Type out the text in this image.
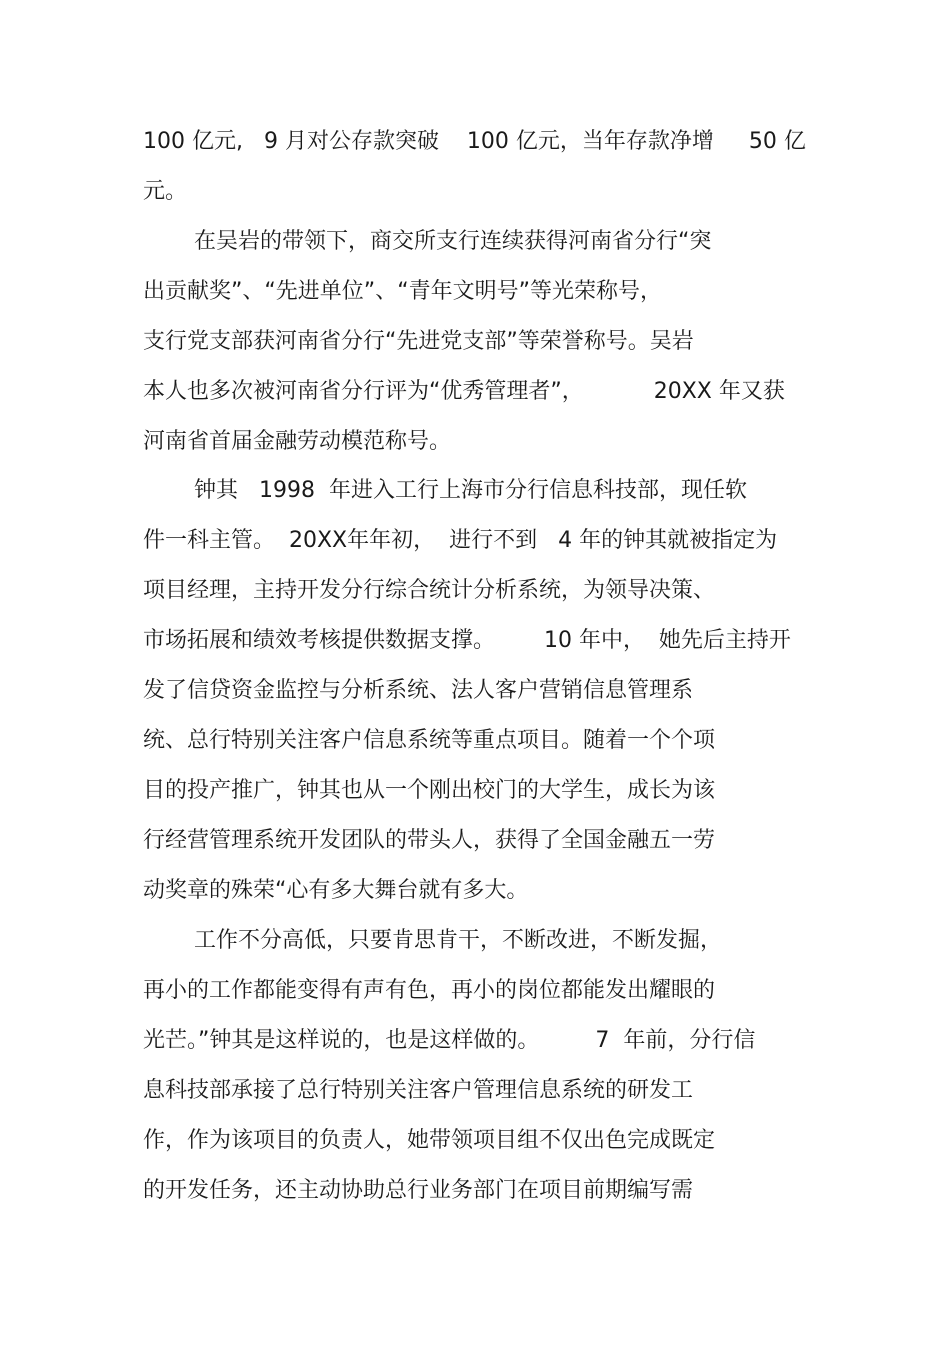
100 亿元,   9 月对公存款突破    100 亿元，当年存款净增     50 亿
元。
在吴岩的带领下，商交所支行连续获得河南省分行“突
出贡献奖”、“先进单位”、“青年文明号”等光荣称号，
支行党支部获河南省分行“先进党支部”等荣誉称号。吴岩
本人也多次被河南省分行评为“优秀管理者”，          20XX 年又获
河南省首届金融劳动模范称号。
钟其   1998  年进入工行上海市分行信息科技部，现任软
件一科主管。  20XX年年初，  进行不到   4 年的钟其就被指定为
项目经理，主持开发分行综合统计分析系统，为领导决策、
市场拓展和绩效考核提供数据支撑。       10 年中，  她先后主持开
发了信贷资金监控与分析系统、法人客户营销信息管理系
统、总行特别关注客户信息系统等重点项目。随着一个个项
目的投产推广，钟其也从一个刚出校门的大学生，成长为该
行经营管理系统开发团队的带头人，获得了全国金融五一劳
动奖章的殊荣“心有多大舞台就有多大。
工作不分高低，只要肯思肯干，不断改进，不断发掘，
再小的工作都能变得有声有色，再小的岗位都能发出耀眼的
光芒。”钟其是这样说的，也是这样做的。        7  年前，分行信
息科技部承接了总行特别关注客户管理信息系统的研发工
作，作为该项目的负责人，她带领项目组不仅出色完成既定
的开发任务，还主动协助总行业务部门在项目前期编写需
